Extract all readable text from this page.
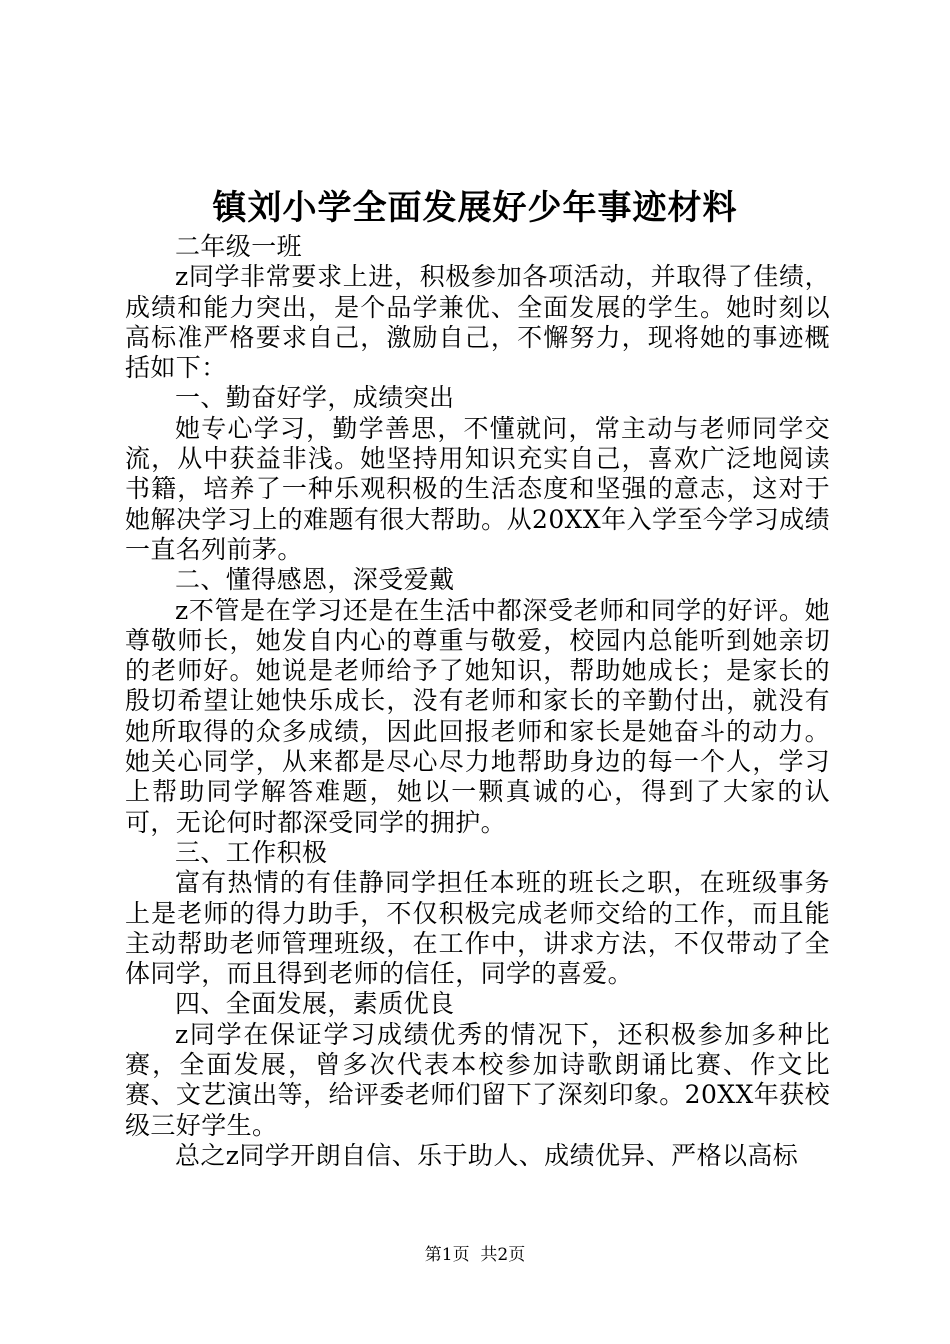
镇刘小学全面发展好少年事迹材料

二年级一班

z同学非常要求上进，积极参加各项活动，并取得了佳绩，成绩和能力突出，是个品学兼优、全面发展的学生。她时刻以高标准严格要求自己，激励自己，不懈努力，现将她的事迹概括如下：

一、勤奋好学，成绩突出

她专心学习，勤学善思，不懂就问，常主动与老师同学交流，从中获益非浅。她坚持用知识充实自己，喜欢广泛地阅读书籍，培养了一种乐观积极的生活态度和坚强的意志，这对于她解决学习上的难题有很大帮助。从20XX年入学至今学习成绩一直名列前茅。

二、懂得感恩，深受爱戴

z不管是在学习还是在生活中都深受老师和同学的好评。她尊敬师长，她发自内心的尊重与敬爱，校园内总能听到她亲切的老师好。她说是老师给予了她知识，帮助她成长；是家长的殷切希望让她快乐成长，没有老师和家长的辛勤付出，就没有她所取得的众多成绩，因此回报老师和家长是她奋斗的动力。她关心同学，从来都是尽心尽力地帮助身边的每一个人，学习上帮助同学解答难题，她以一颗真诚的心，得到了大家的认可，无论何时都深受同学的拥护。

三、工作积极

富有热情的有佳静同学担任本班的班长之职，在班级事务上是老师的得力助手，不仅积极完成老师交给的工作，而且能主动帮助老师管理班级，在工作中，讲求方法，不仅带动了全体同学，而且得到老师的信任，同学的喜爱。

四、全面发展，素质优良

z同学在保证学习成绩优秀的情况下，还积极参加多种比赛，全面发展，曾多次代表本校参加诗歌朗诵比赛、作文比赛、文艺演出等，给评委老师们留下了深刻印象。20XX年获校级三好学生。

总之z同学开朗自信、乐于助人、成绩优异、严格以高标

第1页 共2页
